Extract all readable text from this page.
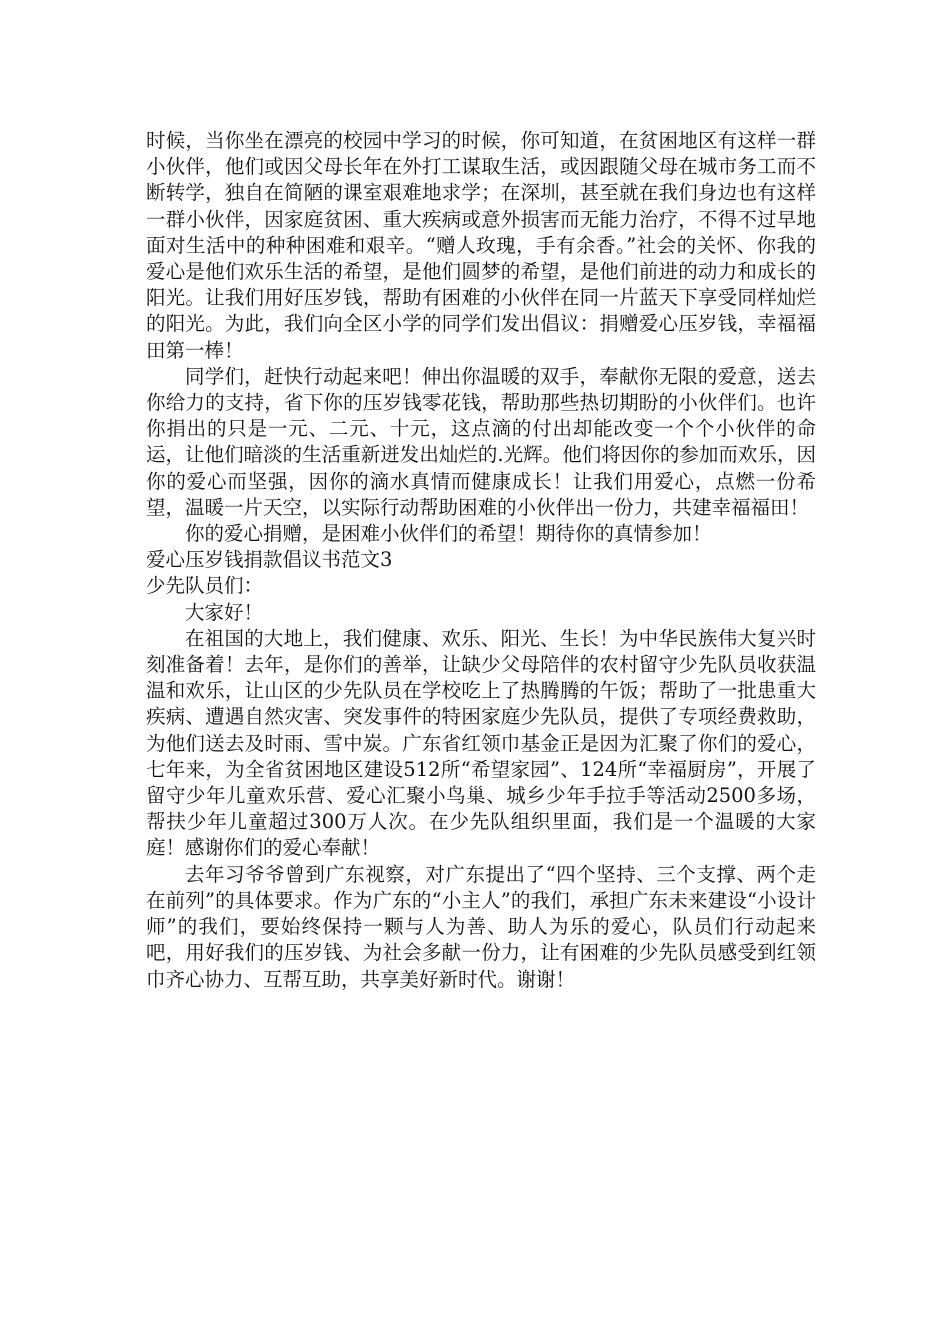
时候，当你坐在漂亮的校园中学习的时候，你可知道，在贫困地区有这样一群小伙伴，他们或因父母长年在外打工谋取生活，或因跟随父母在城市务工而不断转学，独自在简陋的课室艰难地求学；在深圳，甚至就在我们身边也有这样一群小伙伴，因家庭贫困、重大疾病或意外损害而无能力治疗，不得不过早地面对生活中的种种困难和艰辛。“赠人玫瑰，手有余香。”社会的关怀、你我的爱心是他们欢乐生活的希望，是他们圆梦的希望，是他们前进的动力和成长的阳光。让我们用好压岁钱，帮助有困难的小伙伴在同一片蓝天下享受同样灿烂的阳光。为此，我们向全区小学的同学们发出倡议：捐赠爱心压岁钱，幸福福田第一棒！

同学们，赶快行动起来吧！伸出你温暖的双手，奉献你无限的爱意，送去你给力的支持，省下你的压岁钱零花钱，帮助那些热切期盼的小伙伴们。也许你捐出的只是一元、二元、十元，这点滴的付出却能改变一个个小伙伴的命运，让他们暗淡的生活重新迸发出灿烂的.光辉。他们将因你的参加而欢乐，因你的爱心而坚强，因你的滴水真情而健康成长！让我们用爱心，点燃一份希望，温暖一片天空，以实际行动帮助困难的小伙伴出一份力，共建幸福福田！

你的爱心捐赠，是困难小伙伴们的希望！期待你的真情参加！

爱心压岁钱捐款倡议书范文3

少先队员们：

大家好！

在祖国的大地上，我们健康、欢乐、阳光、生长！为中华民族伟大复兴时刻准备着！去年，是你们的善举，让缺少父母陪伴的农村留守少先队员收获温温和欢乐，让山区的少先队员在学校吃上了热腾腾的午饭；帮助了一批患重大疾病、遭遇自然灾害、突发事件的特困家庭少先队员，提供了专项经费救助，为他们送去及时雨、雪中炭。广东省红领巾基金正是因为汇聚了你们的爱心，七年来，为全省贫困地区建设512所“希望家园”、124所“幸福厨房”，开展了留守少年儿童欢乐营、爱心汇聚小鸟巢、城乡少年手拉手等活动2500多场，帮扶少年儿童超过300万人次。在少先队组织里面，我们是一个温暖的大家庭！感谢你们的爱心奉献！

去年习爷爷曾到广东视察，对广东提出了“四个坚持、三个支撑、两个走在前列”的具体要求。作为广东的“小主人”的我们，承担广东未来建设“小设计师”的我们，要始终保持一颗与人为善、助人为乐的爱心，队员们行动起来吧，用好我们的压岁钱、为社会多献一份力，让有困难的少先队员感受到红领巾齐心协力、互帮互助，共享美好新时代。谢谢！
